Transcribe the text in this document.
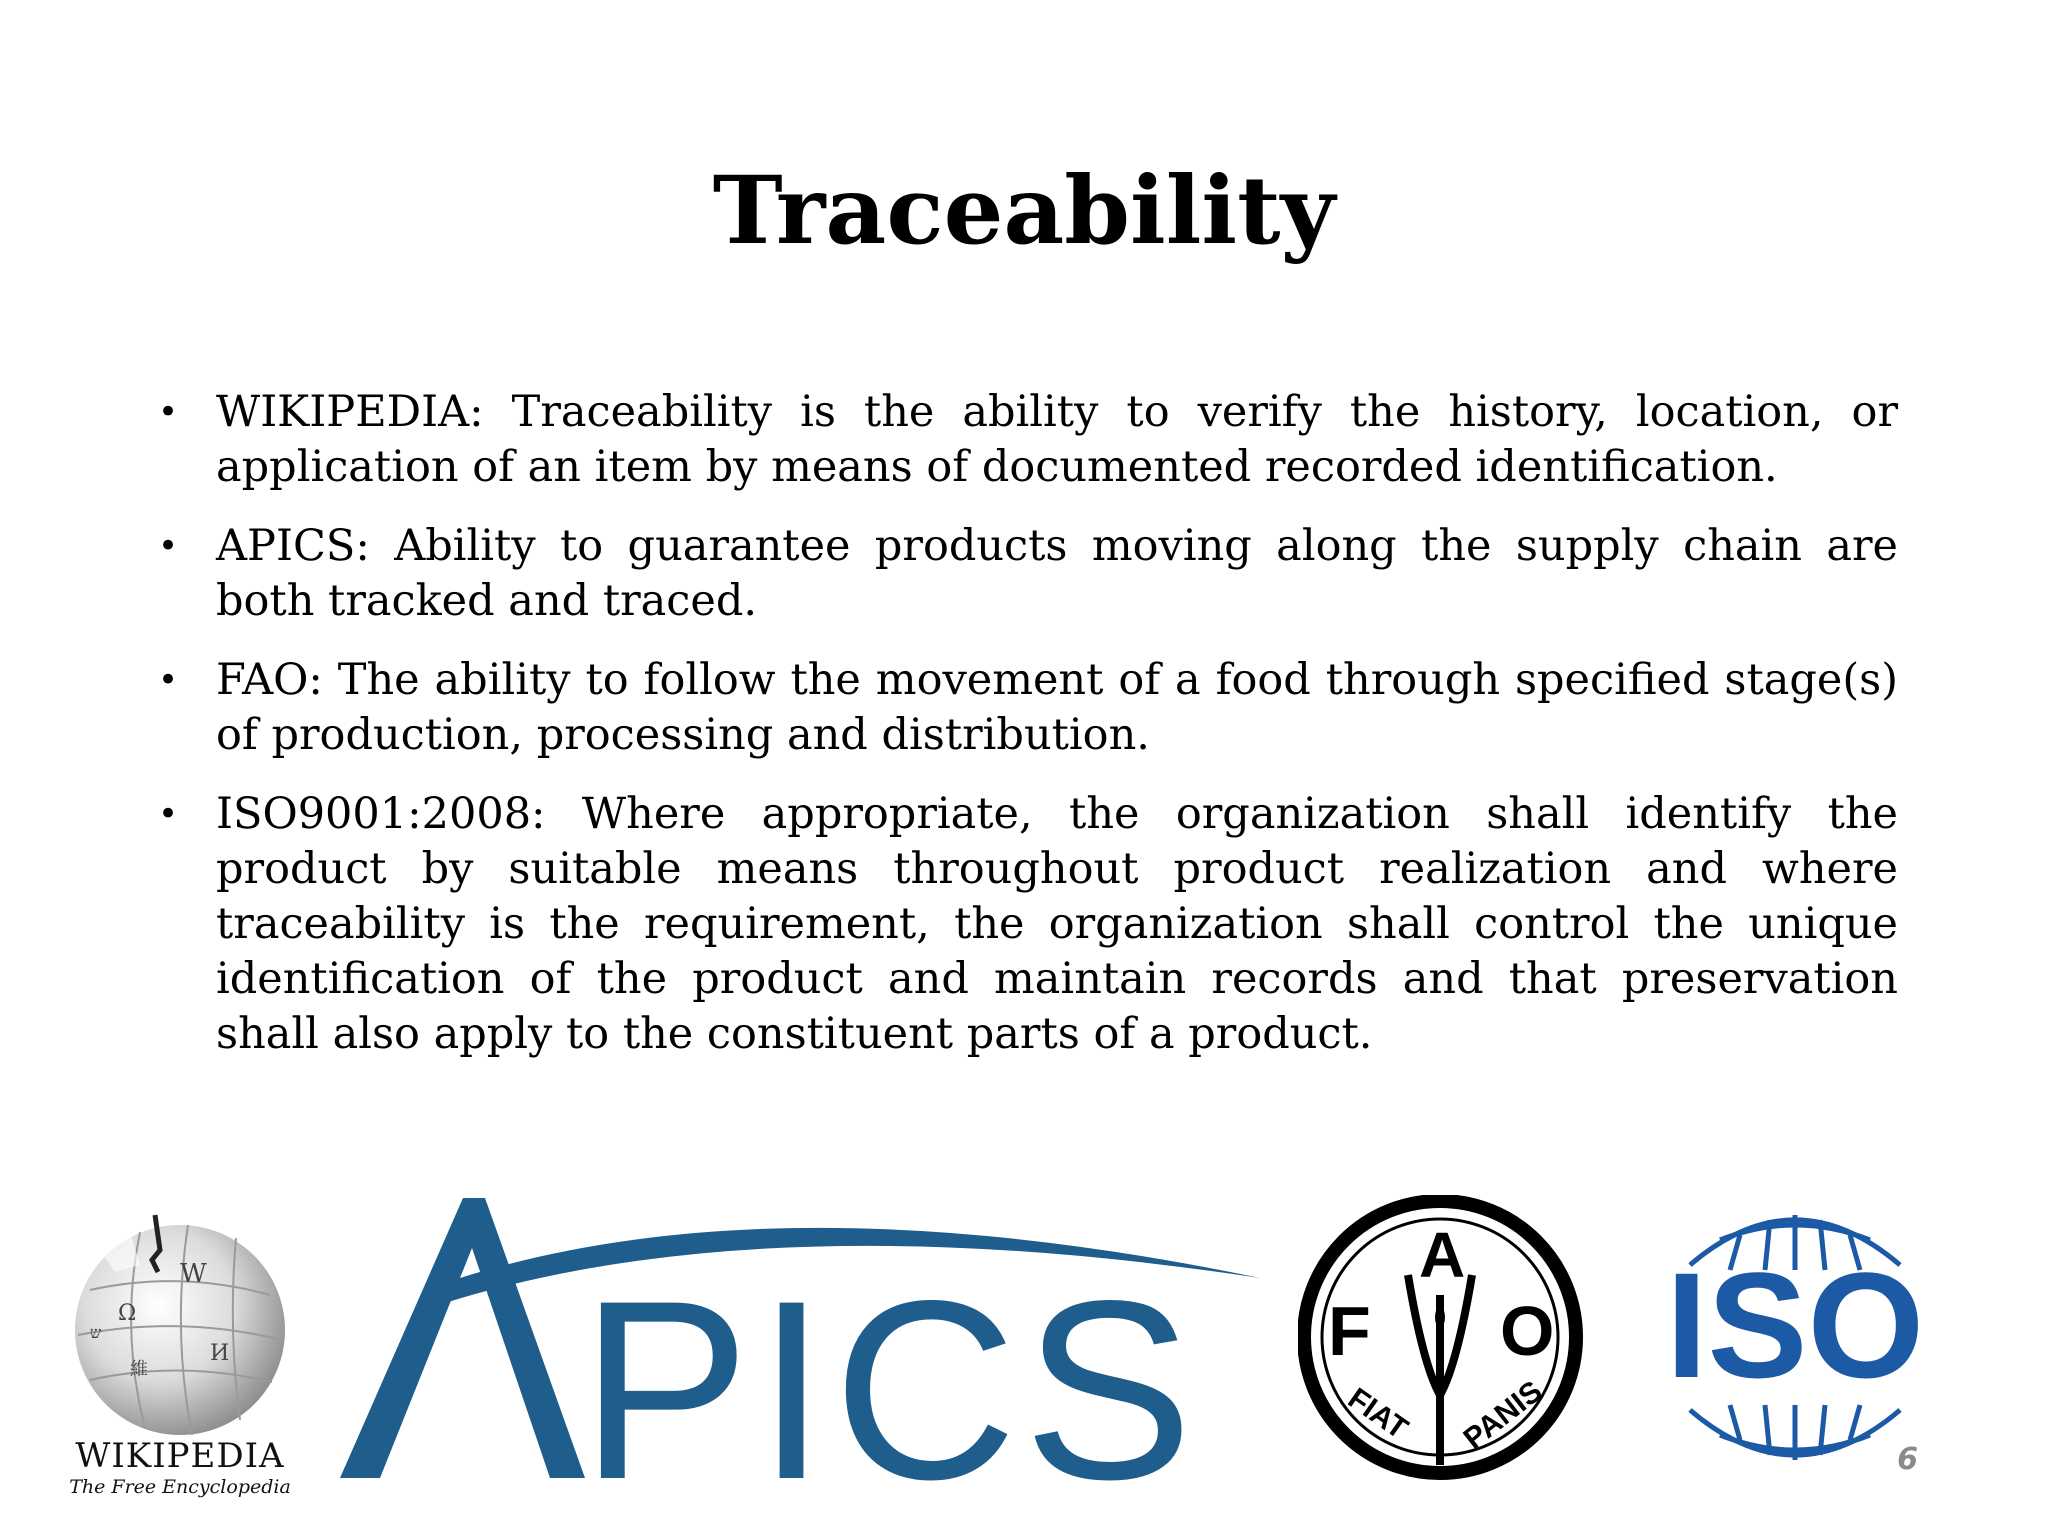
Traceability
• WIKIPEDIA: Traceability is the ability to verify the history, location, or application of an item by means of documented recorded identification.
• APICS: Ability to guarantee products moving along the supply chain are both tracked and traced.
• FAO: The ability to follow the movement of a food through specified stage(s) of production, processing and distribution.
• ISO9001:2008: Where appropriate, the organization shall identify the product by suitable means throughout product realization and where traceability is the requirement, the organization shall control the unique identification of the product and maintain records and that preservation shall also apply to the constituent parts of a product.
W
Ω
И
維
ש
WIKIPEDIA
The Free Encyclopedia PICS	A
F O
FIAT PANIS
ISO
6
